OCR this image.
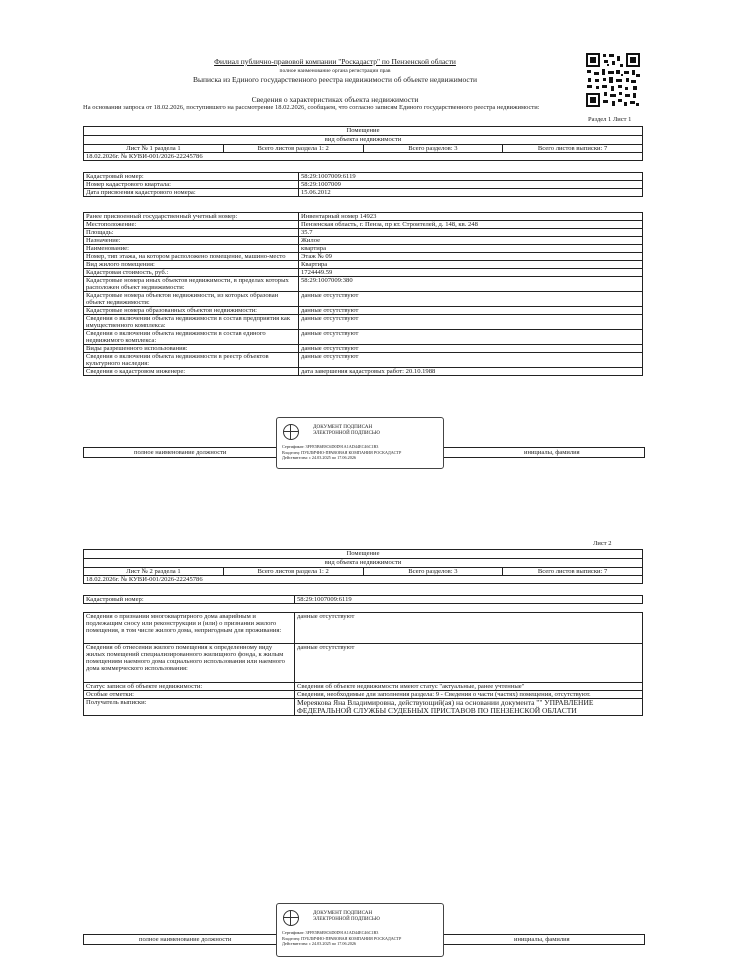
Филиал публично-правовой компании "Роскадастр" по Пензенской области
полное наименование органа регистрации прав
Выписка из Единого государственного реестра недвижимости об объекте недвижимости
Сведения о характеристиках объекта недвижимости
На основании запроса от 18.02.2026, поступившего на рассмотрение 18.02.2026, сообщаем, что согласно записям Единого государственного реестра недвижимости:
Раздел 1 Лист 1
Помещение
вид объекта недвижимости
Лист № 1 раздела 1	Всего листов раздела 1: 2	Всего разделов: 3	Всего листов выписки: 7
18.02.2026г. № КУВИ-001/2026-22245786
Кадастровый номер:	58:29:1007009:6119
Номер кадастрового квартала:	58:29:1007009
Дата присвоения кадастрового номера:	15.06.2012
Ранее присвоенный государственный учетный номер:	Инвентарный номер 14923
Местоположение:	Пензенская область, г. Пенза, пр кт. Строителей, д. 148, кв. 248
Площадь:	35.7
Назначение:	Жилое
Наименование:	квартира
Номер, тип этажа, на котором расположено помещение, машино-место	Этаж № 09
Вид жилого помещения:	Квартира
Кадастровая стоимость, руб.:	1724449.59
Кадастровые номера иных объектов недвижимости, в пределах которых расположен объект недвижимости:	58:29:1007009:380
Кадастровые номера объектов недвижимости, из которых образован объект недвижимости:	данные отсутствуют
Кадастровые номера образованных объектов недвижимости:	данные отсутствуют
Сведения о включении объекта недвижимости в состав предприятия как имущественного комплекса:	данные отсутствуют
Сведения о включении объекта недвижимости в состав единого недвижимого комплекса:	данные отсутствуют
Виды разрешенного использования:	данные отсутствуют
Сведения о включении объекта недвижимости в реестр объектов культурного наследия:	данные отсутствуют
Сведения о кадастровом инженере:	дата завершения кадастровых работ: 20.10.1988
полное наименование должности	инициалы, фамилия
ДОКУМЕНТ ПОДПИСАН
ЭЛЕКТРОННОЙ ПОДПИСЬЮ
Сертификат: 3FFE5B6E8C6D0D91A1AD44EC46C1B3
Владелец: ПУБЛИЧНО-ПРАВОВАЯ КОМПАНИЯ РОСКАДАСТР
Действителен: с 24.03.2025 по 17.06.2026
Лист 2
Помещение
вид объекта недвижимости
Лист № 2 раздела 1	Всего листов раздела 1: 2	Всего разделов: 3	Всего листов выписки: 7
18.02.2026г. № КУВИ-001/2026-22245786
Кадастровый номер:	58:29:1007009:6119
Сведения о признании многоквартирного дома аварийным и подлежащим сносу или реконструкции и (или) о признании жилого помещения, в том числе жилого дома, непригодным для проживания:	данные отсутствуют
Сведения об отнесении жилого помещения к определенному виду жилых помещений специализированного жилищного фонда, к жилым помещениям наемного дома социального использования или наемного дома коммерческого использования:	данные отсутствуют
Статус записи об объекте недвижимости:	Сведения об объекте недвижимости имеют статус "актуальные, ранее учтенные"
Особые отметки:	Сведения, необходимые для заполнения раздела: 9 - Сведения о части (частях) помещения, отсутствуют.
Получатель выписки:	Мереякова Яна Владимировна, действующий(ая) на основании документа "" УПРАВЛЕНИЕ ФЕДЕРАЛЬНОЙ СЛУЖБЫ СУДЕБНЫХ ПРИСТАВОВ ПО ПЕНЗЕНСКОЙ ОБЛАСТИ
полное наименование должности	инициалы, фамилия
ДОКУМЕНТ ПОДПИСАН
ЭЛЕКТРОННОЙ ПОДПИСЬЮ
Сертификат: 3FFE5B6E8C6D0D91A1AD44EC46C1B3
Владелец: ПУБЛИЧНО-ПРАВОВАЯ КОМПАНИЯ РОСКАДАСТР
Действителен: с 24.03.2025 по 17.06.2026
